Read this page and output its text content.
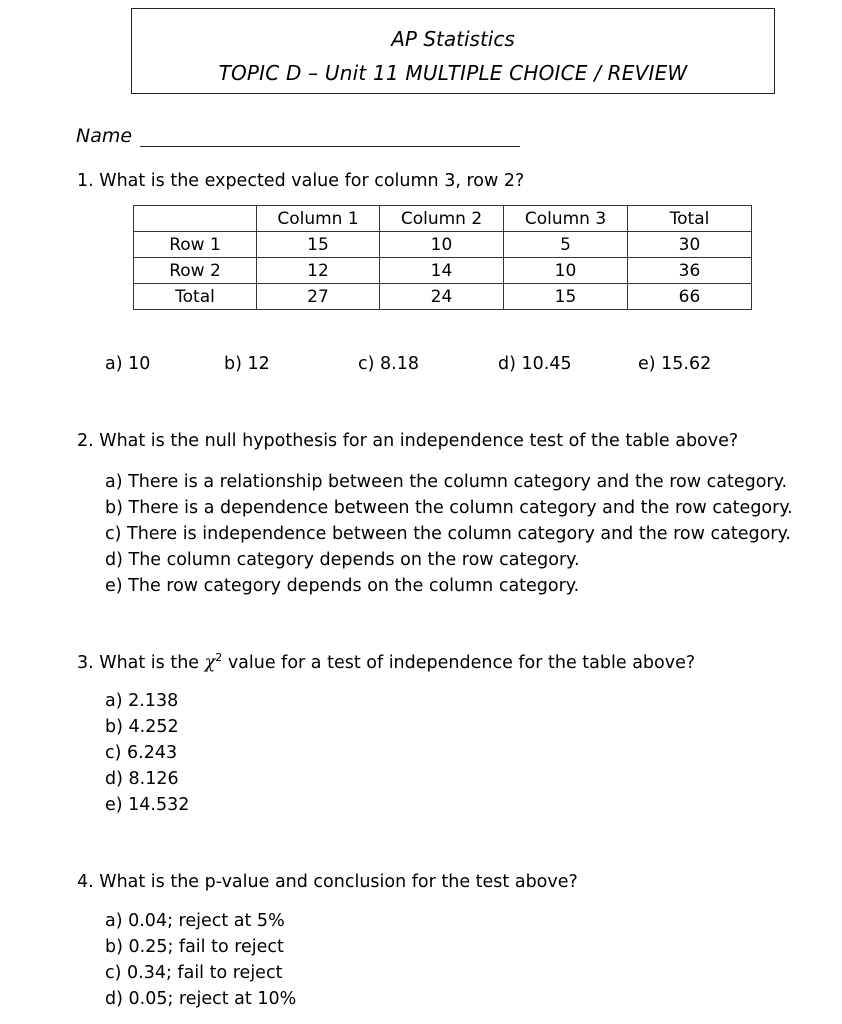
AP Statistics
TOPIC D – Unit 11 MULTIPLE CHOICE / REVIEW
Name
1. What is the expected value for column 3, row 2?
	Column 1	Column 2	Column 3	Total
Row 1	15	10	5	30
Row 2	12	14	10	36
Total	27	24	15	66
a) 10	b) 12	c) 8.18	d) 10.45	e) 15.62
2. What is the null hypothesis for an independence test of the table above?
a) There is a relationship between the column category and the row category.
b) There is a dependence between the column category and the row category.
c) There is independence between the column category and the row category.
d) The column category depends on the row category.
e) The row category depends on the column category.
3. What is the $\chi^2$ value for a test of independence for the table above?
a) 2.138
b) 4.252
c) 6.243
d) 8.126
e) 14.532
4. What is the p-value and conclusion for the test above?
a) 0.04; reject at 5%
b) 0.25; fail to reject
c) 0.34; fail to reject
d) 0.05; reject at 10%
